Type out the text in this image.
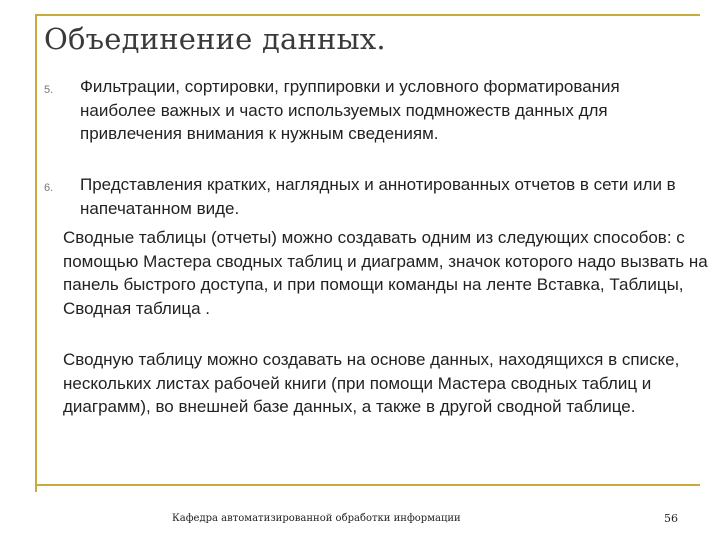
Объединение данных.
5. Фильтрации, сортировки, группировки и условного форматирования наиболее важных и часто используемых подмножеств данных для привлечения внимания к нужным сведениям.
6. Представления кратких, наглядных и аннотированных отчетов в сети или в напечатанном виде.
Сводные таблицы (отчеты) можно создавать одним из следующих способов: с помощью Мастера сводных таблиц и диаграмм, значок которого надо вызвать на панель быстрого доступа, и при помощи команды на ленте Вставка, Таблицы, Сводная таблица .
Сводную таблицу можно создавать на основе данных, находящихся в списке, нескольких листах рабочей книги (при помощи Мастера сводных таблиц и диаграмм), во внешней базе данных, а также в другой сводной таблице.
Кафедра автоматизированной обработки информации	56
